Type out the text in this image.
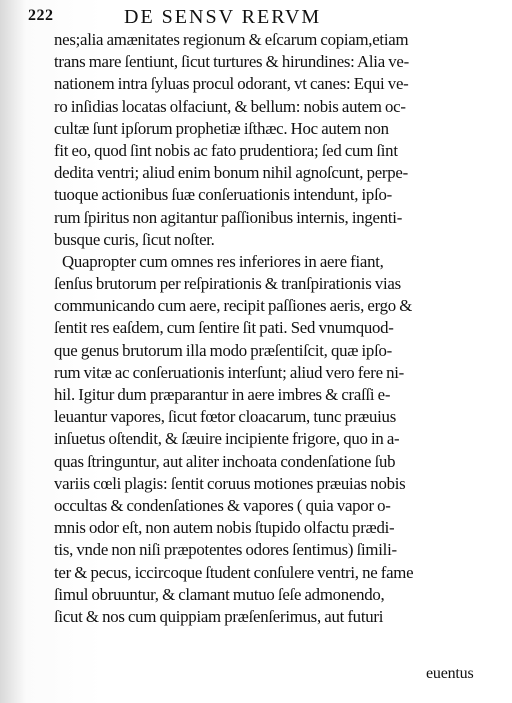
222	DE SENSV RERVM
nes;alia amænitates regionum & eſcarum copiam,etiam
trans mare ſentiunt, ſicut turtures & hirundines: Alia ve-
nationem intra ſyluas procul odorant, vt canes: Equi ve-
ro inſidias locatas olfaciunt, & bellum: nobis autem oc-
cultæ ſunt ipſorum prophetiæ iſthæc. Hoc autem non
fit eo, quod ſint nobis ac fato prudentiora; ſed cum ſint
dedita ventri; aliud enim bonum nihil agnoſcunt, perpe-
tuoque actionibus ſuæ conſeruationis intendunt, ipſo-
rum ſpiritus non agitantur paſſionibus internis, ingenti-
busque curis, ſicut noſter.
Quapropter cum omnes res inferiores in aere fiant,
ſenſus brutorum per reſpirationis & tranſpirationis vias
communicando cum aere, recipit paſſiones aeris, ergo &
ſentit res eaſdem, cum ſentire ſit pati. Sed vnumquod-
que genus brutorum illa modo præſentiſcit, quæ ipſo-
rum vitæ ac conſeruationis interſunt; aliud vero fere ni-
hil. Igitur dum præparantur in aere imbres & craſſi e-
leuantur vapores, ſicut fœtor cloacarum, tunc præuius
inſuetus oſtendit, & ſæuire incipiente frigore, quo in a-
quas ſtringuntur, aut aliter inchoata condenſatione ſub
variis cœli plagis: ſentit coruus motiones præuias nobis
occultas & condenſationes & vapores ( quia vapor o-
mnis odor eſt, non autem nobis ſtupido olfactu prædi-
tis, vnde non niſi præpotentes odores ſentimus) ſimili-
ter & pecus, iccircoque ſtudent conſulere ventri, ne fame
ſimul obruuntur, & clamant mutuo ſeſe admonendo,
ſicut & nos cum quippiam præſenſerimus, aut futuri
euentus
